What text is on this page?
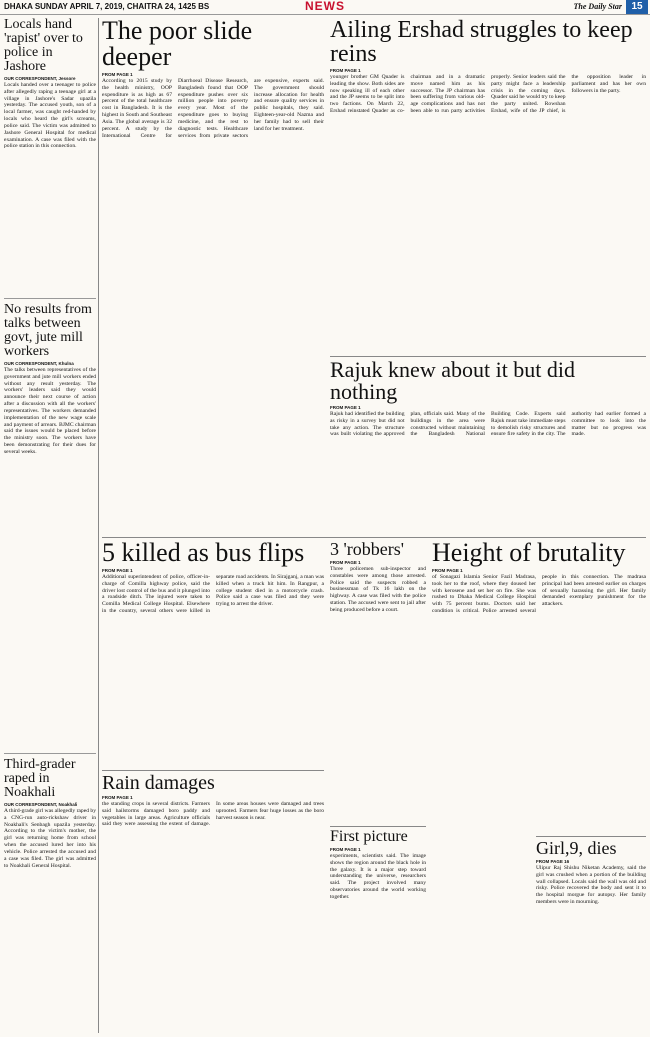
DHAKA SUNDAY APRIL 7, 2019, CHAITRA 24, 1425 BS	NEWS	The Daily Star 15
Locals hand 'rapist' over to police in Jashore
OUR CORRESPONDENT, Jessore
Locals handed over a teenager to police after allegedly raping a teenage girl at a village in Jashore's Sadar upazila yesterday. The accused youth, son of a local farmer, was caught red-handed by locals who heard the girl's screams, police said. The victim was admitted to Jashore General Hospital for medical examination. A case was filed with the police station in this connection.
No results from talks between govt, jute mill workers
OUR CORRESPONDENT, Khulna
The talks between representatives of the government and jute mill workers ended without any result yesterday. The workers' leaders said they would announce their next course of action after a discussion with all the workers' representatives. The workers demanded implementation of the new wage scale and payment of arrears. BJMC chairman said the issues would be placed before the ministry soon. The workers have been demonstrating for their dues for several weeks.
Third-grader raped in Noakhali
OUR CORRESPONDENT, Noakhali
A third-grade girl was allegedly raped by a CNG-run auto-rickshaw driver in Noakhali's Senbagh upazila yesterday. According to the victim's mother, the girl was returning home from school when the accused lured her into his vehicle. Police arrested the accused and a case was filed. The girl was admitted to Noakhali General Hospital.
The poor slide deeper
FROM PAGE 1
According to 2015 study by the health ministry, OOP expenditure is as high as 67 percent of the total healthcare cost in Bangladesh. It is the highest in South and Southeast Asia. The global average is 32 percent. A study by the International Centre for Diarrhoeal Disease Research, Bangladesh found that OOP expenditure pushes over six million people into poverty every year. Most of the expenditure goes to buying medicine, and the rest to diagnostic tests. Healthcare services from private sectors are expensive, experts said. The government should increase allocation for health and ensure quality services in public hospitals, they said. Eighteen-year-old Nazma and her family had to sell their land for her treatment.
Ailing Ershad struggles to keep reins
FROM PAGE 1
younger brother GM Quader is leading the show. Both sides are now speaking ill of each other and the JP seems to be split into two factions. On March 22, Ershad reinstated Quader as co-chairman and in a dramatic move named him as his successor. The JP chairman has been suffering from various old-age complications and has not been able to run party activities properly. Senior leaders said the party might face a leadership crisis in the coming days. Quader said he would try to keep the party united. Rowshan Ershad, wife of the JP chief, is the opposition leader in parliament and has her own followers in the party.
Rajuk knew about it but did nothing
FROM PAGE 1
Rajuk had identified the building as risky in a survey but did not take any action. The structure was built violating the approved plan, officials said. Many of the buildings in the area were constructed without maintaining the Bangladesh National Building Code. Experts said Rajuk must take immediate steps to demolish risky structures and ensure fire safety in the city. The authority had earlier formed a committee to look into the matter but no progress was made.
5 killed as bus flips
FROM PAGE 1
Additional superintendent of police, officer-in-charge of Comilla highway police, said the driver lost control of the bus and it plunged into a roadside ditch. The injured were taken to Comilla Medical College Hospital. Elsewhere in the country, several others were killed in separate road accidents. In Sirajganj, a man was killed when a truck hit him. In Rangpur, a college student died in a motorcycle crash. Police said a case was filed and they were trying to arrest the driver.
Rain damages
FROM PAGE 1
the standing crops in several districts. Farmers said hailstorms damaged boro paddy and vegetables in large areas. Agriculture officials said they were assessing the extent of damage. In some areas houses were damaged and trees uprooted. Farmers fear huge losses as the boro harvest season is near.
3 'robbers'
FROM PAGE 1
Three policemen sub-inspector and constables were among those arrested. Police said the suspects robbed a businessman of Tk 16 lakh on the highway. A case was filed with the police station. The accused were sent to jail after being produced before a court.
First picture
FROM PAGE 1
experiments, scientists said. The image shows the region around the black hole in the galaxy. It is a major step toward understanding the universe, researchers said. The project involved many observatories around the world working together.
Height of brutality
FROM PAGE 1
of Sonagazi Islamia Senior Fazil Madrasa, took her to the roof, where they doused her with kerosene and set her on fire. She was rushed to Dhaka Medical College Hospital with 75 percent burns. Doctors said her condition is critical. Police arrested several people in this connection. The madrasa principal had been arrested earlier on charges of sexually harassing the girl. Her family demanded exemplary punishment for the attackers.
Girl,9, dies
FROM PAGE 16
Ulipur Raj Shishu Niketan Academy, said the girl was crushed when a portion of the building wall collapsed. Locals said the wall was old and risky. Police recovered the body and sent it to the hospital morgue for autopsy. Her family members were in mourning.
